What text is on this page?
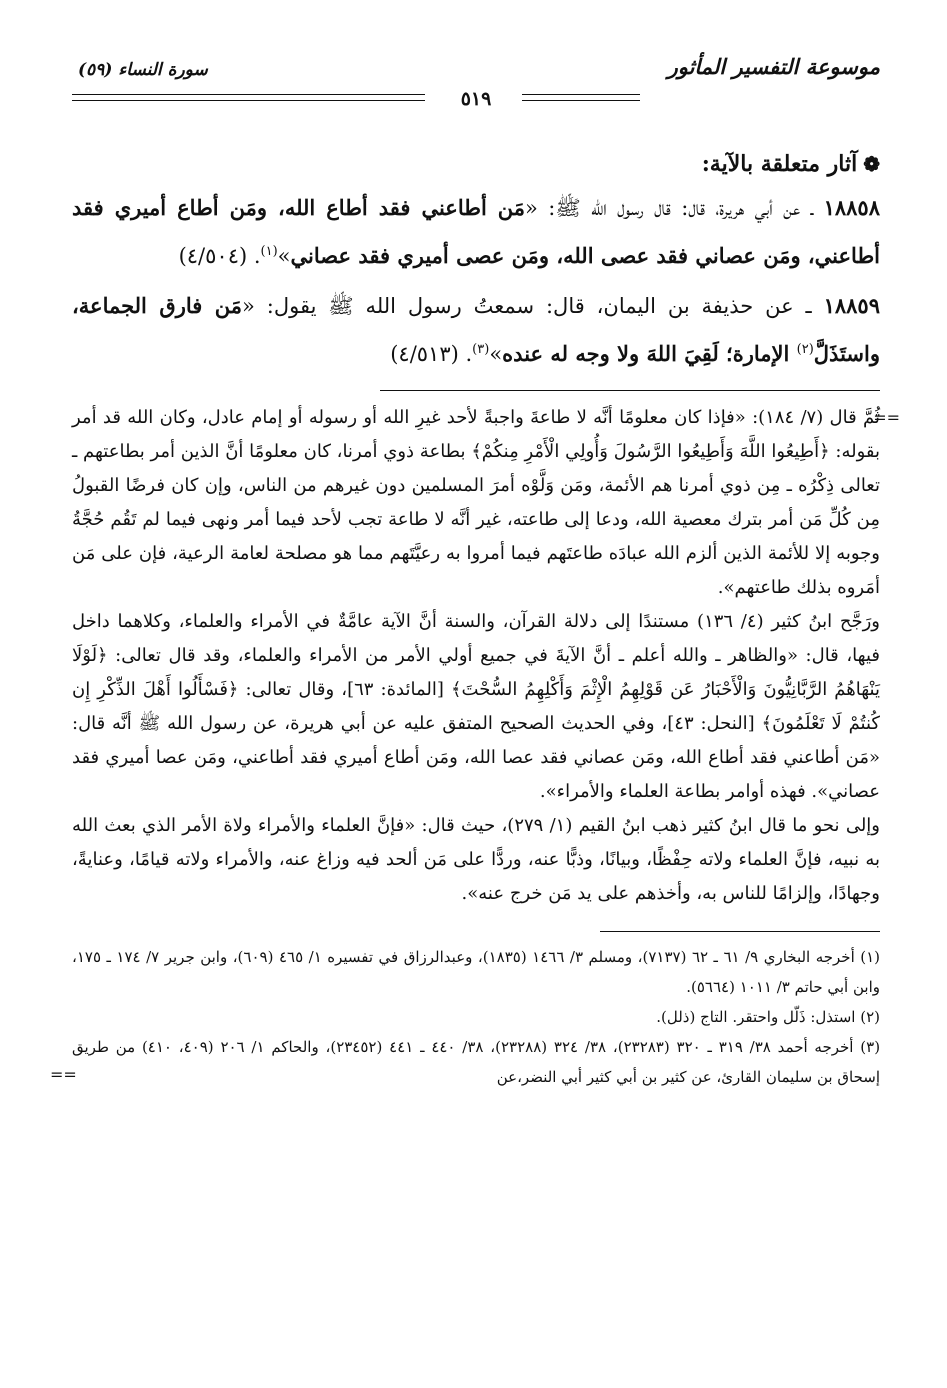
موسوعة التفسير المأثور
٥١٩
سورة النساء (٥٩)
❁آثار متعلقة بالآية:
١٨٨٥٨ ـ عن أبي هريرة، قال: قال رسول الله ﷺ: «مَن أطاعني فقد أطاع الله، ومَن أطاع أميري فقد أطاعني، ومَن عصاني فقد عصى الله، ومَن عصى أميري فقد عصاني»$^{(١)}$. (٤/٥٠٤)
١٨٨٥٩ ـ عن حذيفة بن اليمان، قال: سمعتُ رسول الله ﷺ يقول: «مَن فارق الجماعة، واستَذَلَّ$^{(٢)}$ الإمارة؛ لَقِيَ اللهَ ولا وجه له عنده»$^{(٣)}$. (٤/٥١٣)
==

ثُمَّ قال (٧/ ١٨٤): «فإذا كان معلومًا أنَّه لا طاعةَ واجبةً لأحد غيرِ الله أو رسوله أو إمام عادل، وكان الله قد أمر بقوله: ﴿أَطِيعُوا اللَّهَ وَأَطِيعُوا الرَّسُولَ وَأُولِي الْأَمْرِ مِنكُمْ﴾ بطاعة ذوي أمرنا، كان معلومًا أنَّ الذين أمر بطاعتهم ـ تعالى ذِكْرُه ـ مِن ذوي أمرنا هم الأئمة، ومَن وَلَّوْه أمرَ المسلمين دون غيرهم من الناس، وإن كان فرضًا القبولُ مِن كُلِّ مَن أمر بترك معصية الله، ودعا إلى طاعته، غير أنَّه لا طاعة تجب لأحد فيما أمر ونهى فيما لم تَقُم حُجَّةُ وجوبه إلا للأئمة الذين ألزم الله عبادَه طاعتَهم فيما أمروا به رعيَّتَهم مما هو مصلحة لعامة الرعية، فإن على مَن أمَروه بذلك طاعتهم».

ورَجَّح ابنُ كثير (٤/ ١٣٦) مستندًا إلى دلالة القرآن، والسنة أنَّ الآية عامَّةٌ في الأمراء والعلماء، وكلاهما داخل فيها، قال: «والظاهر ـ والله أعلم ـ أنَّ الآيةَ في جميع أولي الأمر من الأمراء والعلماء، وقد قال تعالى: ﴿لَوْلَا يَنْهَاهُمُ الرَّبَّانِيُّونَ وَالْأَحْبَارُ عَن قَوْلِهِمُ الْإِثْمَ وَأَكْلِهِمُ السُّحْتَ﴾ [المائدة: ٦٣]، وقال تعالى: ﴿فَسْأَلُوا أَهْلَ الذِّكْرِ إِن كُنتُمْ لَا تَعْلَمُونَ﴾ [النحل: ٤٣]، وفي الحديث الصحيح المتفق عليه عن أبي هريرة، عن رسول الله ﷺ أنَّه قال: «مَن أطاعني فقد أطاع الله، ومَن عصاني فقد عصا الله، ومَن أطاع أميري فقد أطاعني، ومَن عصا أميري فقد عصاني». فهذه أوامر بطاعة العلماء والأمراء».

وإلى نحو ما قال ابنُ كثير ذهب ابنُ القيم (١/ ٢٧٩)، حيث قال: «فإنَّ العلماء والأمراء ولاة الأمر الذي بعث الله به نبيه، فإنَّ العلماء ولاته حِفْظًا، وبيانًا، وذبًّا عنه، وردًّا على مَن ألحد فيه وزاغ عنه، والأمراء ولاته قيامًا، وعنايةً، وجهادًا، وإلزامًا للناس به، وأخذهم على يد مَن خرج عنه».

(١) أخرجه البخاري ٩/ ٦١ ـ ٦٢ (٧١٣٧)، ومسلم ٣/ ١٤٦٦ (١٨٣٥)، وعبدالرزاق في تفسيره ١/ ٤٦٥ (٦٠٩)، وابن جرير ٧/ ١٧٤ ـ ١٧٥، وابن أبي حاتم ٣/ ١٠١١ (٥٦٦٤).

(٢) استذل: ذَلّل واحتقر. التاج (ذلل).

(٣) أخرجه أحمد ٣٨/ ٣١٩ ـ ٣٢٠ (٢٣٢٨٣)، ٣٨/ ٣٢٤ (٢٣٢٨٨)، ٣٨/ ٤٤٠ ـ ٤٤١ (٢٣٤٥٢)، والحاكم ١/ ٢٠٦ (٤٠٩، ٤١٠) من طريق إسحاق بن سليمان القارئ، عن كثير بن أبي كثير أبي النضر،عن

==
